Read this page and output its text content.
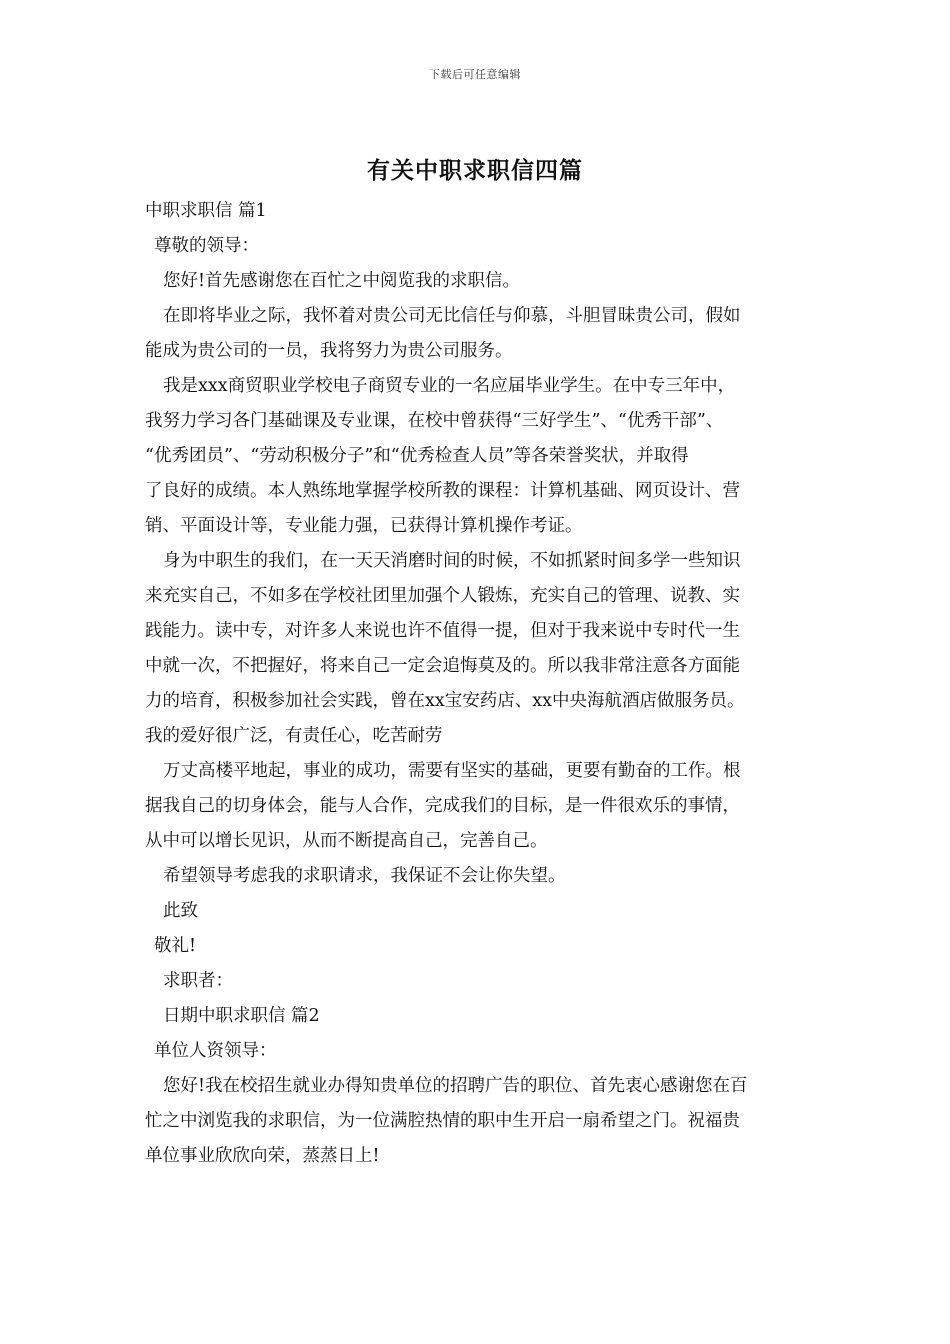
下载后可任意编辑
有关中职求职信四篇
中职求职信 篇1
尊敬的领导：
您好!首先感谢您在百忙之中阅览我的求职信。
在即将毕业之际，我怀着对贵公司无比信任与仰慕，斗胆冒昧贵公司，假如
能成为贵公司的一员，我将努力为贵公司服务。
我是xxx商贸职业学校电子商贸专业的一名应届毕业学生。在中专三年中，
我努力学习各门基础课及专业课，在校中曾获得“三好学生”、“优秀干部”、
“优秀团员”、“劳动积极分子”和“优秀检查人员”等各荣誉奖状，并取得
了良好的成绩。本人熟练地掌握学校所教的课程：计算机基础、网页设计、营
销、平面设计等，专业能力强，已获得计算机操作考证。
身为中职生的我们，在一天天消磨时间的时候，不如抓紧时间多学一些知识
来充实自己，不如多在学校社团里加强个人锻炼，充实自己的管理、说教、实
践能力。读中专，对许多人来说也许不值得一提，但对于我来说中专时代一生
中就一次，不把握好，将来自己一定会追悔莫及的。所以我非常注意各方面能
力的培育，积极参加社会实践，曾在xx宝安药店、xx中央海航酒店做服务员。
我的爱好很广泛，有责任心，吃苦耐劳
万丈高楼平地起，事业的成功，需要有坚实的基础，更要有勤奋的工作。根
据我自己的切身体会，能与人合作，完成我们的目标，是一件很欢乐的事情，
从中可以增长见识，从而不断提高自己，完善自己。
希望领导考虑我的求职请求，我保证不会让你失望。
此致
敬礼!
求职者：
日期中职求职信 篇2
单位人资领导：
您好!我在校招生就业办得知贵单位的招聘广告的职位、首先衷心感谢您在百
忙之中浏览我的求职信，为一位满腔热情的职中生开启一扇希望之门。祝福贵
单位事业欣欣向荣，蒸蒸日上!
